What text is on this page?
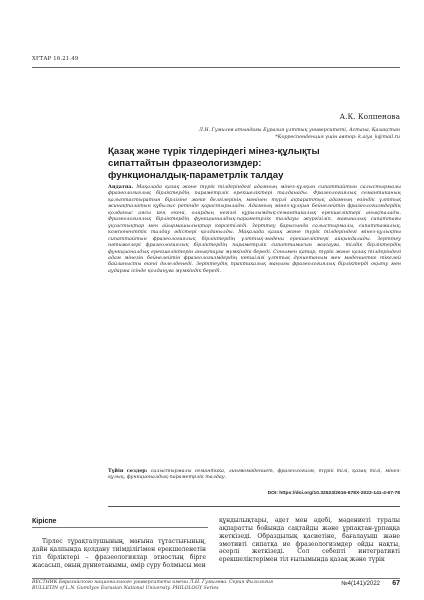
ХҒТАР 16.21.49
А.К. Колпенова
Л.Н. Гумилев атындағы Еуразия ұлттық университеті, Астана, Қазақстан
*Корреспонденция үшін автор: k.aiya_k@mail.ru
Қазақ және түрік тілдеріндегі мінез-құлықты
сипаттайтын фразеологизмдер:
функционалдық-параметрлік талдау
Аңдатпа. Мақалада қазақ және түрік тілдеріндегі адамның мінез-құлқын сипаттайтын салыстырмалы фразеологиялық бірліктердің параметрлік ерекшеліктері талданады. Фразеологиялық семантиканың қалыптастыратын бірлігіне жеке белгілерінің мәнінен түрлі ақпараттық адамның өзіндік ұлттық жинақталатын құбылыс ретінде қарастырылады. Адамның мінез-құлқын бейнелейтін фразеологизмдердің қолданыс аясы кең екені, олардың негізгі құрылымдық-семантикалық ерекшеліктері анықталады. Фразеологиялық бірліктердің функционалдық-параметрлік талдауы жүргізіліп, мағыналық сипаттағы ұқсастықтар мен айырмашылықтар көрсетіледі. Зерттеу барысында салыстырмалы, сипаттамалық, компоненттік талдау әдістері қолданылды. Мақалада қазақ және түрік тілдеріндегі мінез-құлықты сипаттайтын фразеологиялық бірліктердің ұлттық-мәдени ерекшеліктері айқындалады. Зерттеу нәтижелері фразеологиялық бірліктердің параметрлік сипаттамасын жасауға, тілдік бірліктердің функционалдық ерекшеліктерін анықтауға мүмкіндік береді. Сонымен қатар, түрік және қазақ тілдеріндегі адам мінезін бейнелейтін фразеологизмдердің көпшілігі ұлттық дүниетаным мен мәдениетке тікелей байланысты екені дәлелденеді. Зерттеудің практикалық маңызы фразеологиялық бірліктерді оқыту мен аударма ісінде қолдануға мүмкіндік береді.
Түйін сөздер: салыстырмалы семантика, лингвомәдениет, фразеологизм, түрік тілі, қазақ тілі, мінез-құлық, функционалдық-параметрлік талдау.
DOI: https://doi.org/10.32523/2616-678X-2022-141-4-67-78
Кіріспе
Тірлес тұрақталушының, мағына тұтастығының, дайн қалпында қолдану тиімділігімен ерекшеленетін тіл бірліктері – фразеологиялар этностың бірге жасасып, оның дүниетанымы, өмір сүру болмысы мен
құндылықтары, әдет мен әдебі, мәдениеті туралы ақпаратты бойында сақтайды және ұрпақтан-ұрпаққа жеткізеді. Образдылық қасиетіне, бағалауыш және эмотивті сипатқа ие фразеологизмдер ойды нақты, әсерлі жеткізеді. Сол себепті интегративті ерекшеліктерімен тіл ғылымында қазақ және түрік
ВЕСТНИК Евразийского национального университета имени Л.Н. Гумилева. Серия Филология
BULLETIN of L.N. Gumilyov Eurasian National University. PHILOLOGY Series
№4(141)/2022 67
